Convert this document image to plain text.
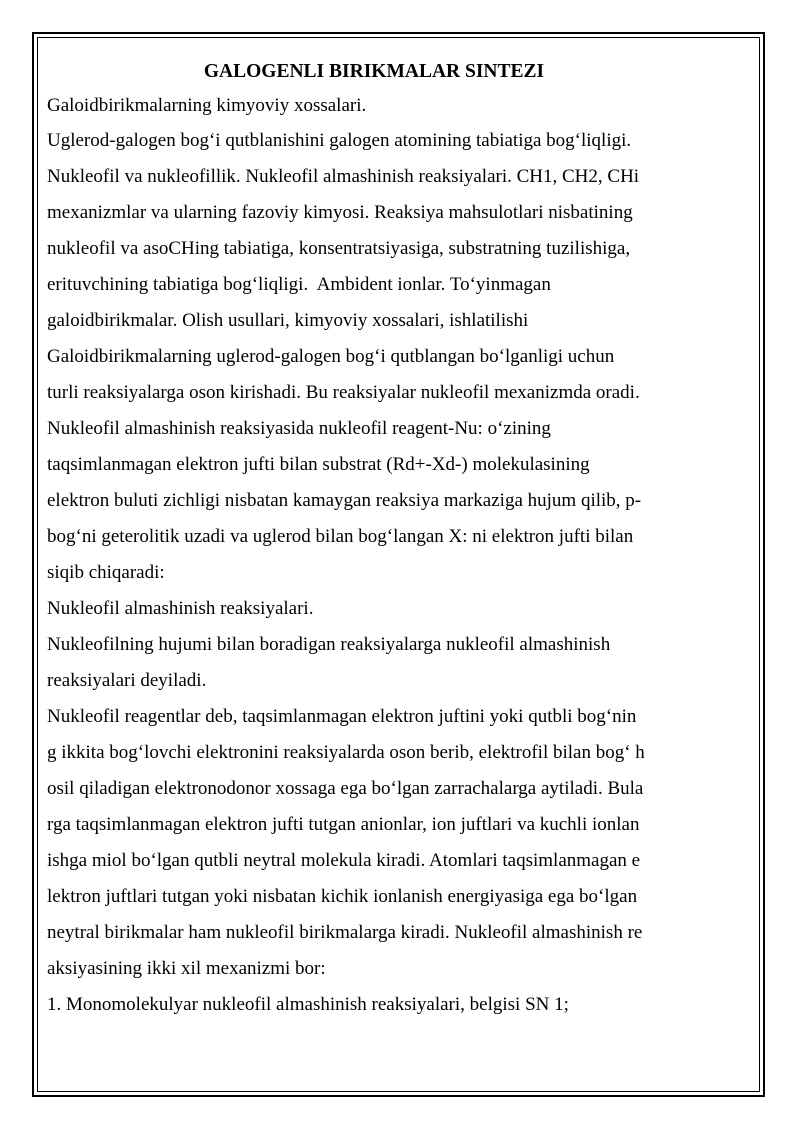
GALOGENLI BIRIKMALAR SINTEZI
Galoidbirikmalarning kimyoviy xossalari.
Uglerod-galogen bog‘i qutblanishini galogen atomining tabiatiga bog‘liqligi.
Nukleofil va nukleofillik. Nukleofil almashinish reaksiyalari. CH1, CH2, CHi
mexanizmlar va ularning fazoviy kimyosi. Reaksiya mahsulotlari nisbatining
nukleofil va asoCHing tabiatiga, konsentratsiyasiga, substratning tuzilishiga,
erituvchining tabiatiga bog‘liqligi.  Ambident ionlar. To‘yinmagan
galoidbirikmalar. Olish usullari, kimyoviy xossalari, ishlatilishi
Galoidbirikmalarning uglerod-galogen bog‘i qutblangan bo‘lganligi uchun
turli reaksiyalarga oson kirishadi. Bu reaksiyalar nukleofil mexanizmda oradi.
Nukleofil almashinish reaksiyasida nukleofil reagent-Nu: o‘zining
taqsimlanmagan elektron jufti bilan substrat (Rd+-Xd-) molekulasining
elektron buluti zichligi nisbatan kamaygan reaksiya markaziga hujum qilib, p-
bog‘ni geterolitik uzadi va uglerod bilan bog‘langan X: ni elektron jufti bilan
siqib chiqaradi:
Nukleofil almashinish reaksiyalari.
Nukleofilning hujumi bilan boradigan reaksiyalarga nukleofil almashinish
reaksiyalari deyiladi.
Nukleofil reagentlar deb, taqsimlanmagan elektron juftini yoki qutbli bog‘nin
g ikkita bog‘lovchi elektronini reaksiyalarda oson berib, elektrofil bilan bog‘ h
osil qiladigan elektronodonor xossaga ega bo‘lgan zarrachalarga aytiladi. Bula
rga taqsimlanmagan elektron jufti tutgan anionlar, ion juftlari va kuchli ionlan
ishga miol bo‘lgan qutbli neytral molekula kiradi. Atomlari taqsimlanmagan e
lektron juftlari tutgan yoki nisbatan kichik ionlanish energiyasiga ega bo‘lgan
neytral birikmalar ham nukleofil birikmalarga kiradi. Nukleofil almashinish re
aksiyasining ikki xil mexanizmi bor:
1. Monomolekulyar nukleofil almashinish reaksiyalari, belgisi SN 1;
